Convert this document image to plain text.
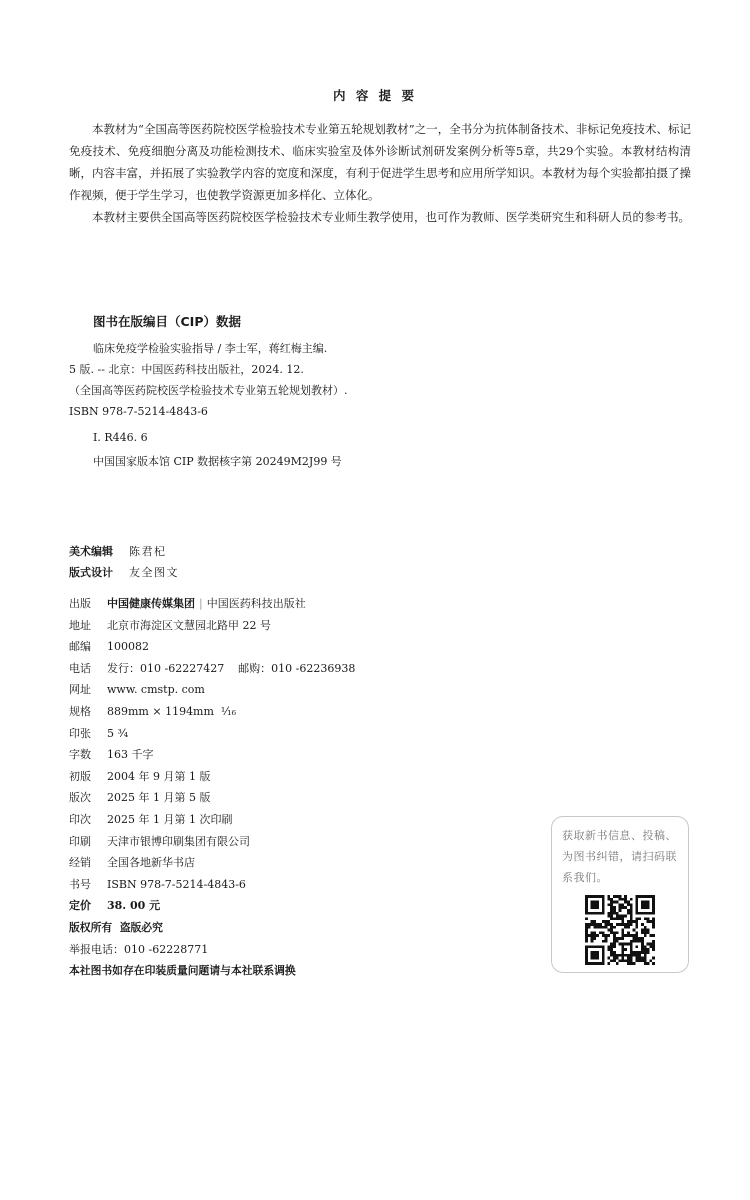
内 容 提 要

本教材为“全国高等医药院校医学检验技术专业第五轮规划教材”之一，全书分为抗体制备技术、非标记免疫技术、标记免疫技术、免疫细胞分离及功能检测技术、临床实验室及体外诊断试剂研发案例分析等5章，共29个实验。本教材结构清晰，内容丰富，并拓展了实验教学内容的宽度和深度，有利于促进学生思考和应用所学知识。本教材为每个实验都拍摄了操作视频，便于学生学习，也使教学资源更加多样化、立体化。

本教材主要供全国高等医药院校医学检验技术专业师生教学使用，也可作为教师、医学类研究生和科研人员的参考书。

图书在版编目（CIP）数据
临床免疫学检验实验指导 / 李士军，蒋红梅主编.
5 版. -- 北京：中国医药科技出版社，2024. 12.
（全国高等医药院校医学检验技术专业第五轮规划教材）.
ISBN 978-7-5214-4843-6
Ⅰ. R446. 6
中国国家版本馆 CIP 数据核字第 20249M2J99 号
美术编辑 陈君杞
版式设计 友全图文
出版 中国健康传媒集团 | 中国医药科技出版社
地址 北京市海淀区文慧园北路甲 22 号
邮编 100082
电话 发行：010 -62227427    邮购：010 -62236938
网址 www. cmstp. com
规格 889mm × 1194mm  ¹⁄₁₆
印张 5 ³⁄₄
字数 163 千字
初版 2004 年 9 月第 1 版
版次 2025 年 1 月第 5 版
印次 2025 年 1 月第 1 次印刷
印刷 天津市银博印刷集团有限公司
经销 全国各地新华书店
书号 ISBN 978-7-5214-4843-6
定价 38. 00 元
版权所有  盗版必究
举报电话：010 -62228771
本社图书如存在印装质量问题请与本社联系调换
获取新书信息、投稿、为图书纠错，请扫码联系我们。
